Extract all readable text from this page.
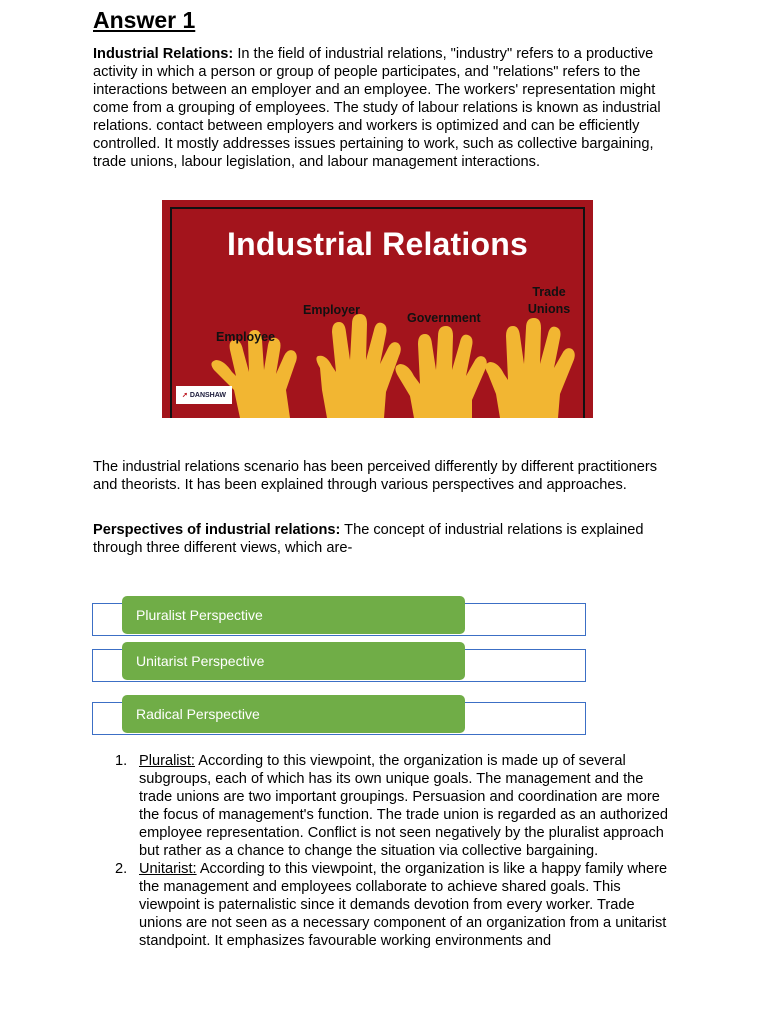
Answer 1
Industrial Relations: In the field of industrial relations, "industry" refers to a productive activity in which a person or group of people participates, and "relations" refers to the interactions between an employer and an employee. The workers' representation might come from a grouping of employees. The study of labour relations is known as industrial relations. contact between employers and workers is optimized and can be efficiently controlled. It mostly addresses issues pertaining to work, such as collective bargaining, trade unions, labour legislation, and labour management interactions.
Industrial Relations
Employee
Employer
Government
Trade
Unions
➚ DANSHAW
The industrial relations scenario has been perceived differently by different practitioners and theorists. It has been explained through various perspectives and approaches.
Perspectives of industrial relations: The concept of industrial relations is explained through three different views, which are-
Pluralist Perspective
Unitarist Perspective
Radical Perspective
1. Pluralist: According to this viewpoint, the organization is made up of several subgroups, each of which has its own unique goals. The management and the trade unions are two important groupings. Persuasion and coordination are more the focus of management's function. The trade union is regarded as an authorized employee representation. Conflict is not seen negatively by the pluralist approach but rather as a chance to change the situation via collective bargaining.
2. Unitarist: According to this viewpoint, the organization is like a happy family where the management and employees collaborate to achieve shared goals. This viewpoint is paternalistic since it demands devotion from every worker. Trade unions are not seen as a necessary component of an organization from a unitarist standpoint. It emphasizes favourable working environments and
